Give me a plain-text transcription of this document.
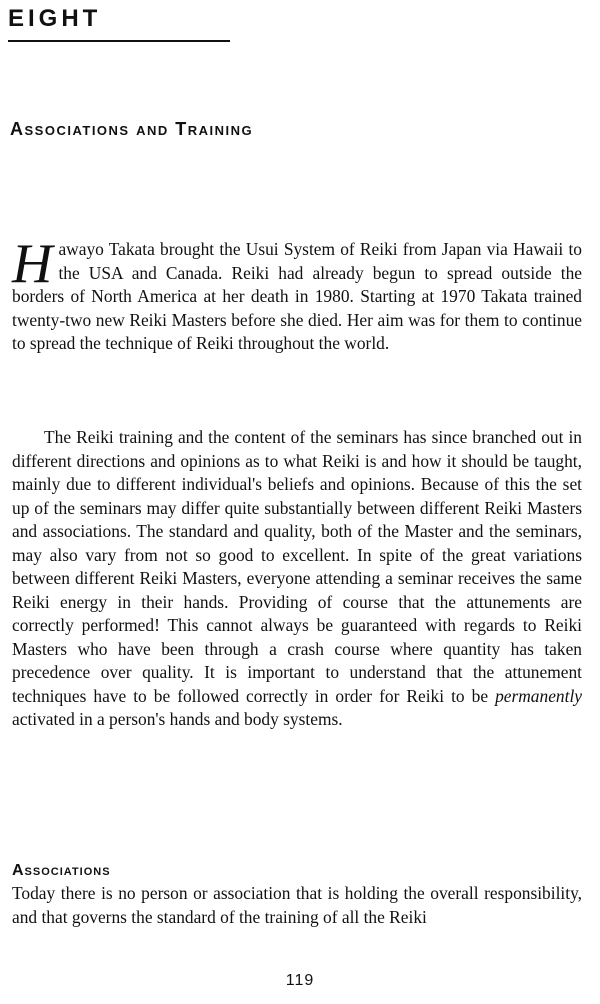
EIGHT
Associations and Training

Hawayo Takata brought the Usui System of Reiki from Japan via Hawaii to the USA and Canada. Reiki had already begun to spread outside the borders of North America at her death in 1980. Starting at 1970 Takata trained twenty-two new Reiki Masters before she died. Her aim was for them to continue to spread the technique of Reiki throughout the world.

The Reiki training and the content of the seminars has since branched out in different directions and opinions as to what Reiki is and how it should be taught, mainly due to different individual's beliefs and opinions. Because of this the set up of the seminars may differ quite substantially between different Reiki Masters and associations. The standard and quality, both of the Master and the seminars, may also vary from not so good to excellent. In spite of the great variations between different Reiki Masters, everyone attending a seminar receives the same Reiki energy in their hands. Providing of course that the attunements are correctly performed! This cannot always be guaranteed with regards to Reiki Masters who have been through a crash course where quantity has taken precedence over quality. It is important to understand that the attunement techniques have to be followed correctly in order for Reiki to be permanently activated in a person's hands and body systems.

Associations

Today there is no person or association that is holding the overall responsibility, and that governs the standard of the training of all the Reiki

119
